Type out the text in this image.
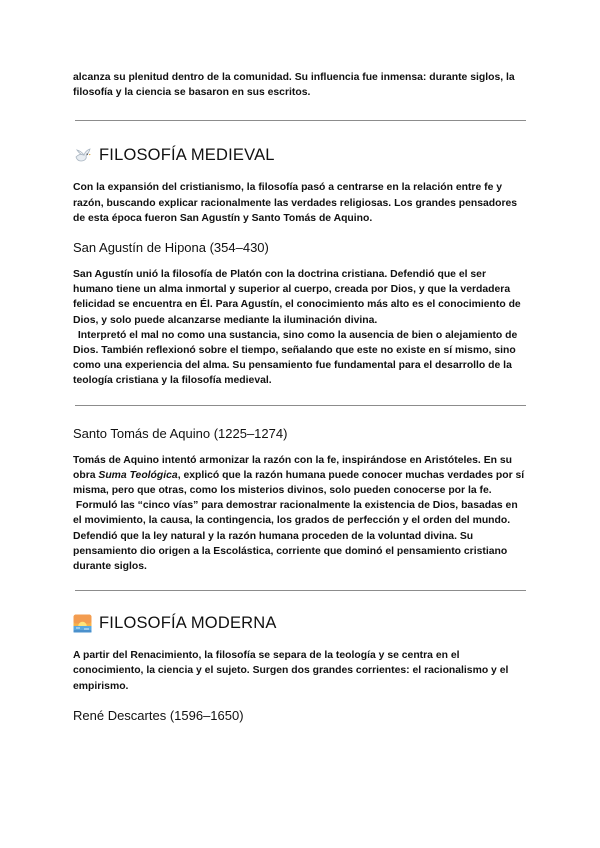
alcanza su plenitud dentro de la comunidad. Su influencia fue inmensa: durante siglos, la filosofía y la ciencia se basaron en sus escritos.

FILOSOFÍA MEDIEVAL

Con la expansión del cristianismo, la filosofía pasó a centrarse en la relación entre fe y razón, buscando explicar racionalmente las verdades religiosas. Los grandes pensadores de esta época fueron San Agustín y Santo Tomás de Aquino.

San Agustín de Hipona (354–430)

San Agustín unió la filosofía de Platón con la doctrina cristiana. Defendió que el ser humano tiene un alma inmortal y superior al cuerpo, creada por Dios, y que la verdadera felicidad se encuentra en Él. Para Agustín, el conocimiento más alto es el conocimiento de Dios, y solo puede alcanzarse mediante la iluminación divina.

Interpretó el mal no como una sustancia, sino como la ausencia de bien o alejamiento de Dios. También reflexionó sobre el tiempo, señalando que este no existe en sí mismo, sino como una experiencia del alma. Su pensamiento fue fundamental para el desarrollo de la teología cristiana y la filosofía medieval.

Santo Tomás de Aquino (1225–1274)

Tomás de Aquino intentó armonizar la razón con la fe, inspirándose en Aristóteles. En su obra Suma Teológica, explicó que la razón humana puede conocer muchas verdades por sí misma, pero que otras, como los misterios divinos, solo pueden conocerse por la fe.

Formuló las “cinco vías” para demostrar racionalmente la existencia de Dios, basadas en el movimiento, la causa, la contingencia, los grados de perfección y el orden del mundo. Defendió que la ley natural y la razón humana proceden de la voluntad divina. Su pensamiento dio origen a la Escolástica, corriente que dominó el pensamiento cristiano durante siglos.

FILOSOFÍA MODERNA

A partir del Renacimiento, la filosofía se separa de la teología y se centra en el conocimiento, la ciencia y el sujeto. Surgen dos grandes corrientes: el racionalismo y el empirismo.

René Descartes (1596–1650)
